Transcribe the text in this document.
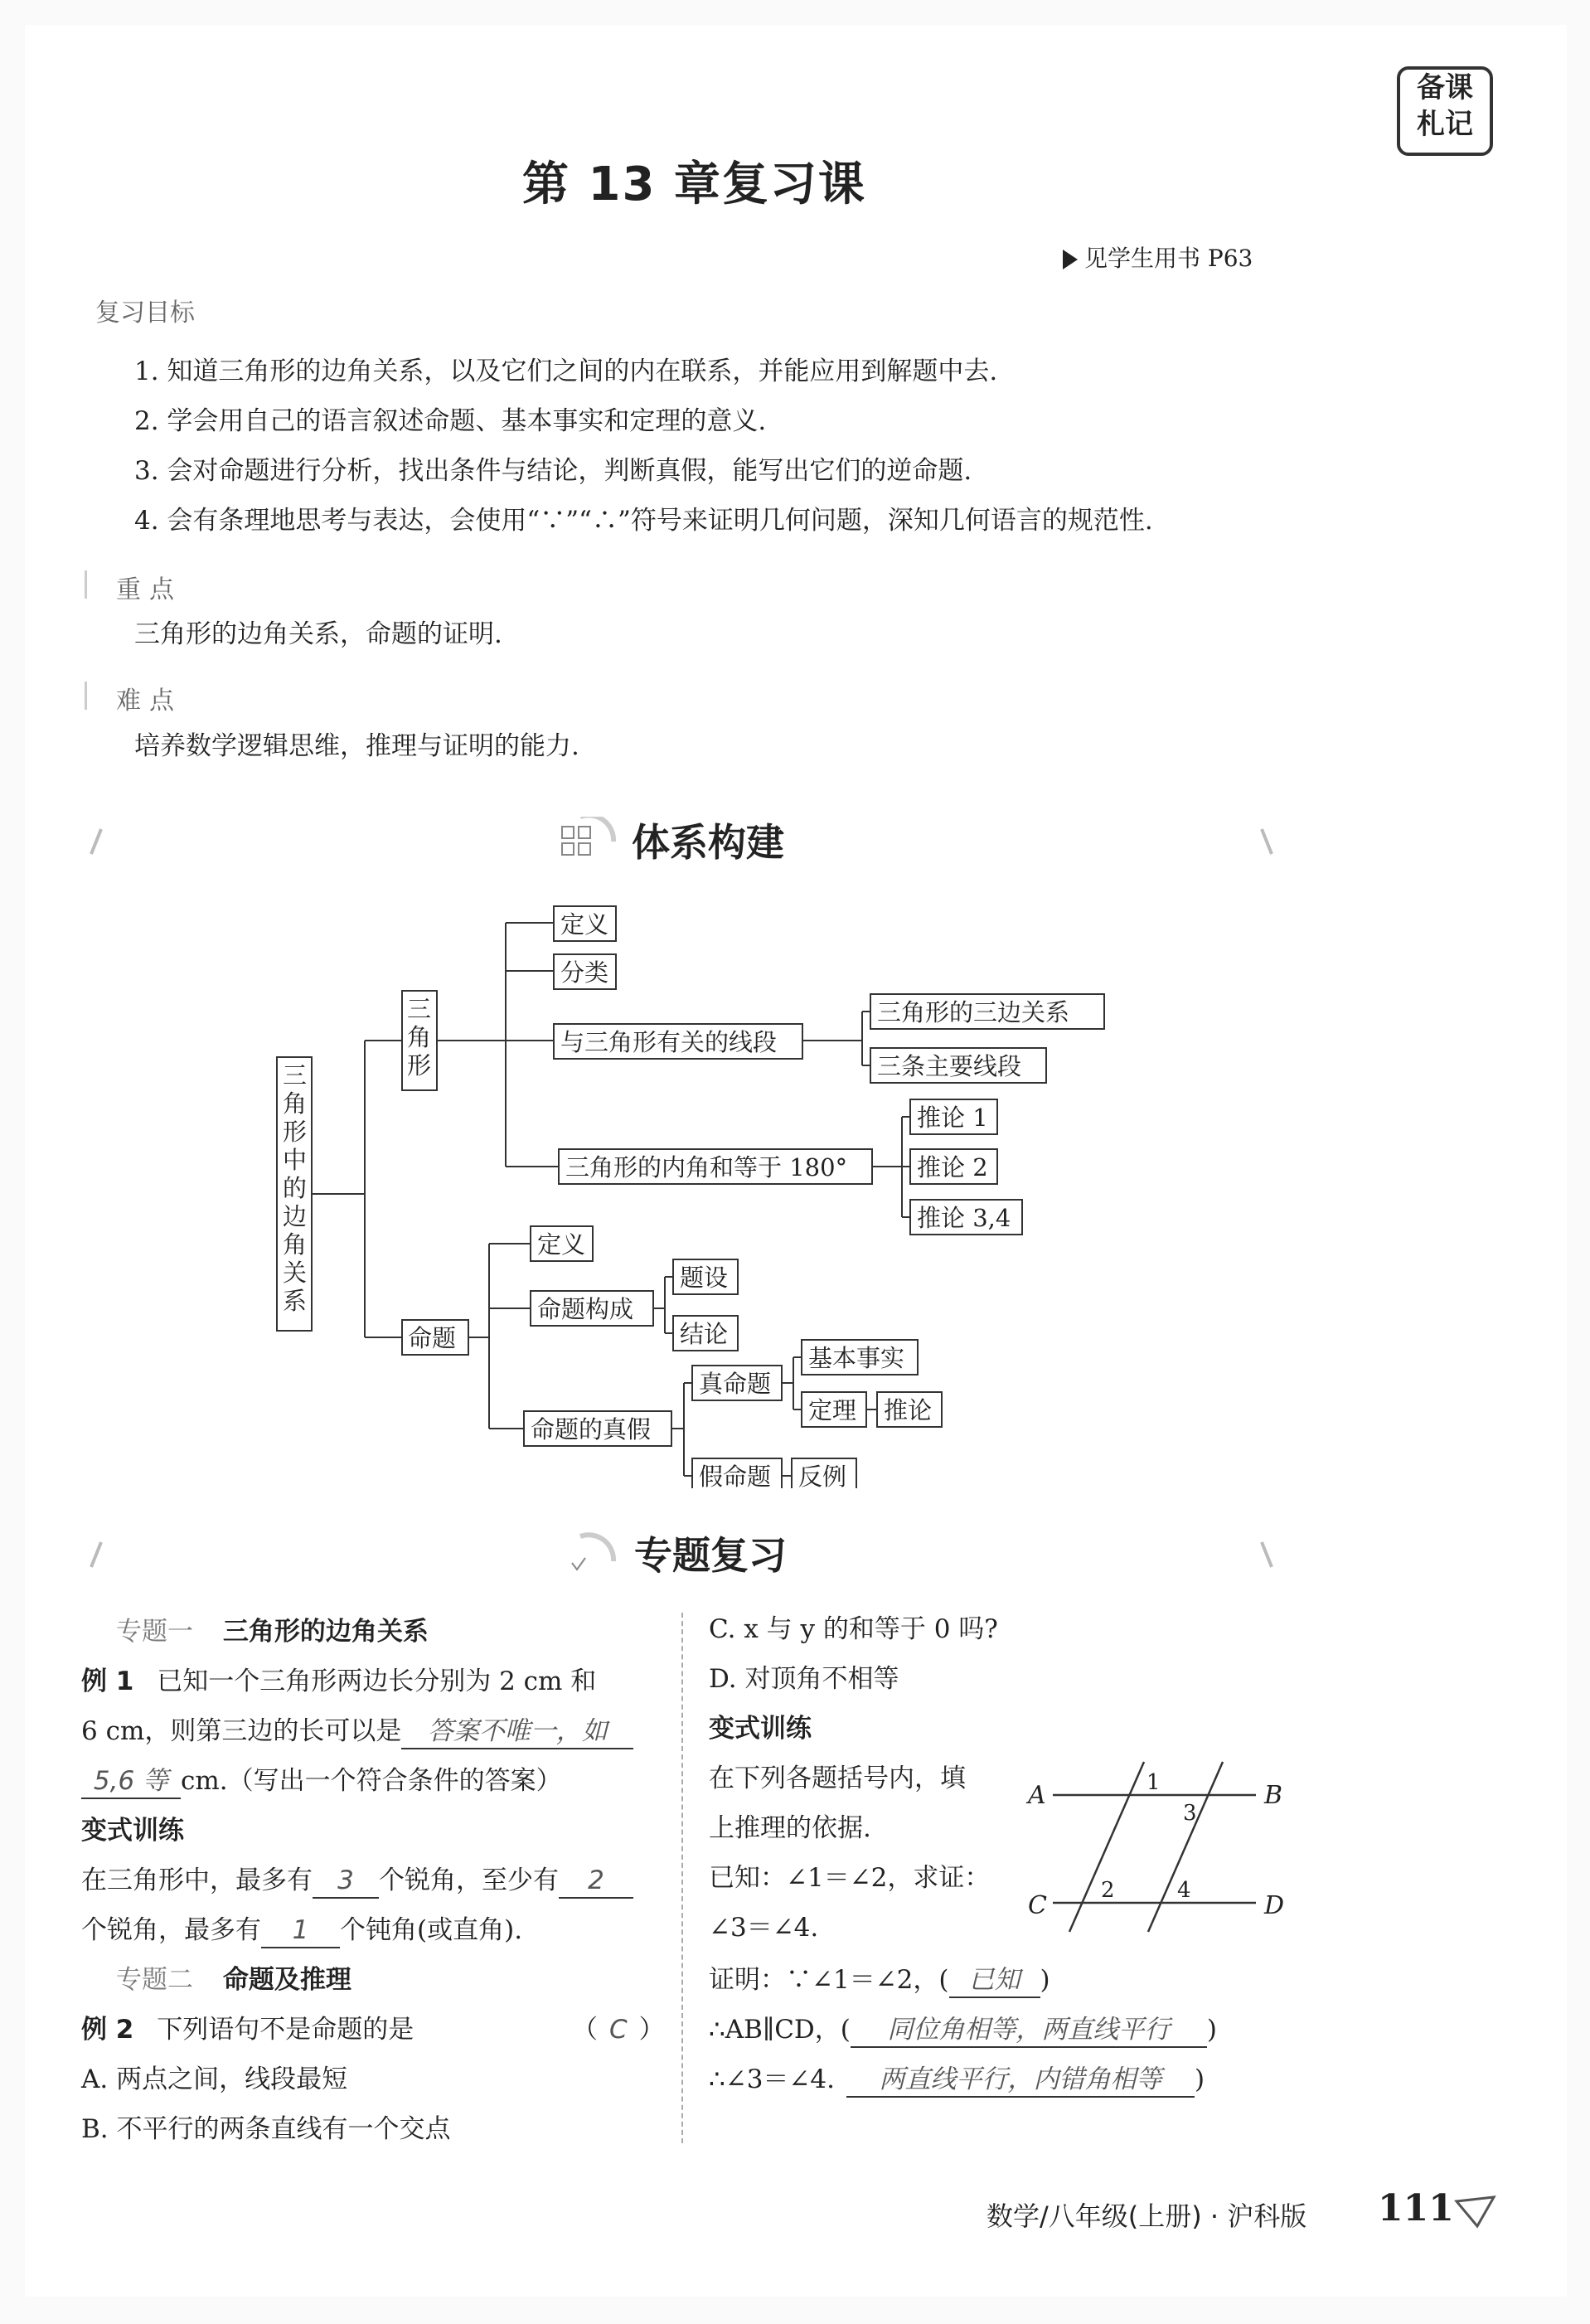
备课
札记
第 13 章复习课
见学生用书 P63
复习目标
1. 知道三角形的边角关系，以及它们之间的内在联系，并能应用到解题中去.
2. 学会用自己的语言叙述命题、基本事实和定理的意义.
3. 会对命题进行分析，找出条件与结论，判断真假，能写出它们的逆命题.
4. 会有条理地思考与表达，会使用“∵”“∴”符号来证明几何问题，深知几何语言的规范性.
重点
三角形的边角关系，命题的证明.
难点
培养数学逻辑思维，推理与证明的能力.
体系构建
三 角 形 中 的 边 角 关 系
三角形
定义
分类
与三角形有关的线段
三角形的三边关系
三条主要线段
三角形的内角和等于 180°
推论 1
推论 2
推论 3,4
命题
定义
命题构成
题设
结论
命题的真假
真命题
基本事实
定理 推论
假命题 反例
专题复习
专题一 三角形的边角关系
例 1 已知一个三角形两边长分别为 2 cm 和
6 cm，则第三边的长可以是 答案不唯一，如
5,6 等 cm.（写出一个符合条件的答案）
变式训练
在三角形中，最多有 3 个锐角，至少有 2
个锐角，最多有 1 个钝角(或直角).
专题二 命题及推理
例 2 下列语句不是命题的是	（ C ）
A. 两点之间，线段最短
B. 不平行的两条直线有一个交点
C. x 与 y 的和等于 0 吗?
D. 对顶角不相等
变式训练
在下列各题括号内，填
上推理的依据.
已知：∠1＝∠2，求证：
∠3＝∠4.
A	B
C	D
1
3
2	4
证明：∵∠1＝∠2，( 已知 )
∴AB∥CD，( 同位角相等，两直线平行 )
∴∠3＝∠4. 两直线平行，内错角相等 )
数学/八年级(上册) · 沪科版 111
